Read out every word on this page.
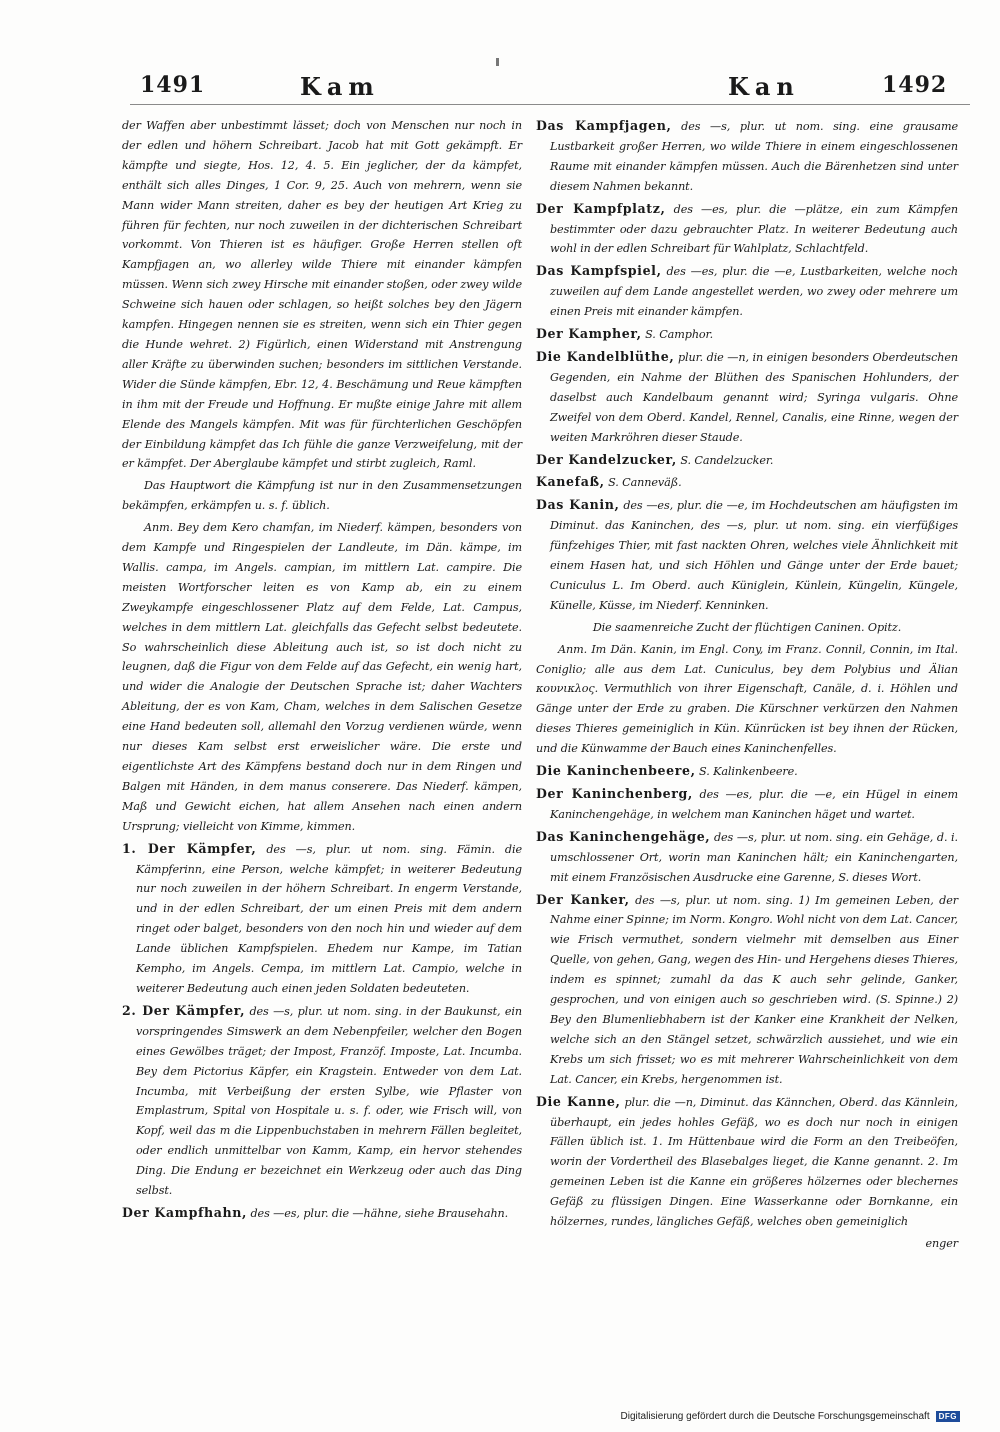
1491	Kam	Kan	1492

der Waffen aber unbestimmt lässet; doch von Menschen nur noch in der edlen und höhern Schreibart. Jacob hat mit Gott gekämpft. Er kämpfte und siegte, Hos. 12, 4. 5. Ein jeglicher, der da kämpfet, enthält sich alles Dinges, 1 Cor. 9, 25. Auch von mehrern, wenn sie Mann wider Mann streiten, daher es bey der heutigen Art Krieg zu führen für fechten, nur noch zuweilen in der dichterischen Schreibart vorkommt. Von Thieren ist es häufiger. Große Herren stellen oft Kampfjagen an, wo allerley wilde Thiere mit einander kämpfen müssen. Wenn sich zwey Hirsche mit einander stoßen, oder zwey wilde Schweine sich hauen oder schlagen, so heißt solches bey den Jägern kampfen. Hingegen nennen sie es streiten, wenn sich ein Thier gegen die Hunde wehret. 2) Figürlich, einen Widerstand mit Anstrengung aller Kräfte zu überwinden suchen; besonders im sittlichen Verstande. Wider die Sünde kämpfen, Ebr. 12, 4. Beschämung und Reue kämpften in ihm mit der Freude und Hoffnung. Er mußte einige Jahre mit allem Elende des Mangels kämpfen. Mit was für fürchterlichen Geschöpfen der Einbildung kämpfet das Ich fühle die ganze Verzweifelung, mit der er kämpfet. Der Aberglaube kämpfet und stirbt zugleich, Raml.

Das Hauptwort die Kämpfung ist nur in den Zusammensetzungen bekämpfen, erkämpfen u. s. f. üblich.

Anm. Bey dem Kero chamfan, im Niederf. kämpen, besonders von dem Kampfe und Ringespielen der Landleute, im Dän. kämpe, im Wallis. campa, im Angels. campian, im mittlern Lat. campire. Die meisten Wortforscher leiten es von Kamp ab, ein zu einem Zweykampfe eingeschlossener Platz auf dem Felde, Lat. Campus, welches in dem mittlern Lat. gleichfalls das Gefecht selbst bedeutete. So wahrscheinlich diese Ableitung auch ist, so ist doch nicht zu leugnen, daß die Figur von dem Felde auf das Gefecht, ein wenig hart, und wider die Analogie der Deutschen Sprache ist; daher Wachters Ableitung, der es von Kam, Cham, welches in dem Salischen Gesetze eine Hand bedeuten soll, allemahl den Vorzug verdienen würde, wenn nur dieses Kam selbst erst erweislicher wäre. Die erste und eigentlichste Art des Kämpfens bestand doch nur in dem Ringen und Balgen mit Händen, in dem manus conserere. Das Niederf. kämpen, Maß und Gewicht eichen, hat allem Ansehen nach einen andern Ursprung; vielleicht von Kimme, kimmen.

1. Der Kämpfer, des —s, plur. ut nom. sing. Fämin. die Kämpferinn, eine Person, welche kämpfet; in weiterer Bedeutung nur noch zuweilen in der höhern Schreibart. In engerm Verstande, und in der edlen Schreibart, der um einen Preis mit dem andern ringet oder balget, besonders von den noch hin und wieder auf dem Lande üblichen Kampfspielen. Ehedem nur Kampe, im Tatian Kempho, im Angels. Cempa, im mittlern Lat. Campio, welche in weiterer Bedeutung auch einen jeden Soldaten bedeuteten.

2. Der Kämpfer, des —s, plur. ut nom. sing. in der Baukunst, ein vorspringendes Simswerk an dem Nebenpfeiler, welcher den Bogen eines Gewölbes träget; der Impost, Franzöf. Imposte, Lat. Incumba. Bey dem Pictorius Käpfer, ein Kragstein. Entweder von dem Lat. Incumba, mit Verbeißung der ersten Sylbe, wie Pflaster von Emplastrum, Spital von Hospitale u. s. f. oder, wie Frisch will, von Kopf, weil das m die Lippenbuchstaben in mehrern Fällen begleitet, oder endlich unmittelbar von Kamm, Kamp, ein hervor stehendes Ding. Die Endung er bezeichnet ein Werkzeug oder auch das Ding selbst.

Der Kampfhahn, des —es, plur. die —hähne, siehe Brausehahn.

Das Kampfjagen, des —s, plur. ut nom. sing. eine grausame Lustbarkeit großer Herren, wo wilde Thiere in einem eingeschlossenen Raume mit einander kämpfen müssen. Auch die Bärenhetzen sind unter diesem Nahmen bekannt.

Der Kampfplatz, des —es, plur. die —plätze, ein zum Kämpfen bestimmter oder dazu gebrauchter Platz. In weiterer Bedeutung auch wohl in der edlen Schreibart für Wahlplatz, Schlachtfeld.

Das Kampfspiel, des —es, plur. die —e, Lustbarkeiten, welche noch zuweilen auf dem Lande angestellet werden, wo zwey oder mehrere um einen Preis mit einander kämpfen.

Der Kampher, S. Camphor.

Die Kandelblüthe, plur. die —n, in einigen besonders Oberdeutschen Gegenden, ein Nahme der Blüthen des Spanischen Hohlunders, der daselbst auch Kandelbaum genannt wird; Syringa vulgaris. Ohne Zweifel von dem Oberd. Kandel, Rennel, Canalis, eine Rinne, wegen der weiten Markröhren dieser Staude.

Der Kandelzucker, S. Candelzucker.

Kanefaß, S. Canneväß.

Das Kanin, des —es, plur. die —e, im Hochdeutschen am häufigsten im Diminut. das Kaninchen, des —s, plur. ut nom. sing. ein vierfüßiges fünfzehiges Thier, mit fast nackten Ohren, welches viele Ähnlichkeit mit einem Hasen hat, und sich Höhlen und Gänge unter der Erde bauet; Cuniculus L. Im Oberd. auch Küniglein, Künlein, Küngelin, Küngele, Künelle, Küsse, im Niederf. Kenninken.

Die saamenreiche Zucht der flüchtigen Caninen. Opitz.

Anm. Im Dän. Kanin, im Engl. Cony, im Franz. Connil, Connin, im Ital. Coniglio; alle aus dem Lat. Cuniculus, bey dem Polybius und Älian κουνικλος. Vermuthlich von ihrer Eigenschaft, Canäle, d. i. Höhlen und Gänge unter der Erde zu graben. Die Kürschner verkürzen den Nahmen dieses Thieres gemeiniglich in Kün. Künrücken ist bey ihnen der Rücken, und die Künwamme der Bauch eines Kaninchenfelles.

Die Kaninchenbeere, S. Kalinkenbeere.

Der Kaninchenberg, des —es, plur. die —e, ein Hügel in einem Kaninchengehäge, in welchem man Kaninchen häget und wartet.

Das Kaninchengehäge, des —s, plur. ut nom. sing. ein Gehäge, d. i. umschlossener Ort, worin man Kaninchen hält; ein Kaninchengarten, mit einem Französischen Ausdrucke eine Garenne, S. dieses Wort.

Der Kanker, des —s, plur. ut nom. sing. 1) Im gemeinen Leben, der Nahme einer Spinne; im Norm. Kongro. Wohl nicht von dem Lat. Cancer, wie Frisch vermuthet, sondern vielmehr mit demselben aus Einer Quelle, von gehen, Gang, wegen des Hin- und Hergehens dieses Thieres, indem es spinnet; zumahl da das K auch sehr gelinde, Ganker, gesprochen, und von einigen auch so geschrieben wird. (S. Spinne.) 2) Bey den Blumenliebhabern ist der Kanker eine Krankheit der Nelken, welche sich an den Stängel setzet, schwärzlich aussiehet, und wie ein Krebs um sich frisset; wo es mit mehrerer Wahrscheinlichkeit von dem Lat. Cancer, ein Krebs, hergenommen ist.

Die Kanne, plur. die —n, Diminut. das Kännchen, Oberd. das Kännlein, überhaupt, ein jedes hohles Gefäß, wo es doch nur noch in einigen Fällen üblich ist. 1. Im Hüttenbaue wird die Form an den Treibeöfen, worin der Vordertheil des Blasebalges lieget, die Kanne genannt. 2. Im gemeinen Leben ist die Kanne ein größeres hölzernes oder blechernes Gefäß zu flüssigen Dingen. Eine Wasserkanne oder Bornkanne, ein hölzernes, rundes, längliches Gefäß, welches oben gemeiniglich

enger

Digitalisierung gefördert durch die Deutsche Forschungsgemeinschaft	DFG
